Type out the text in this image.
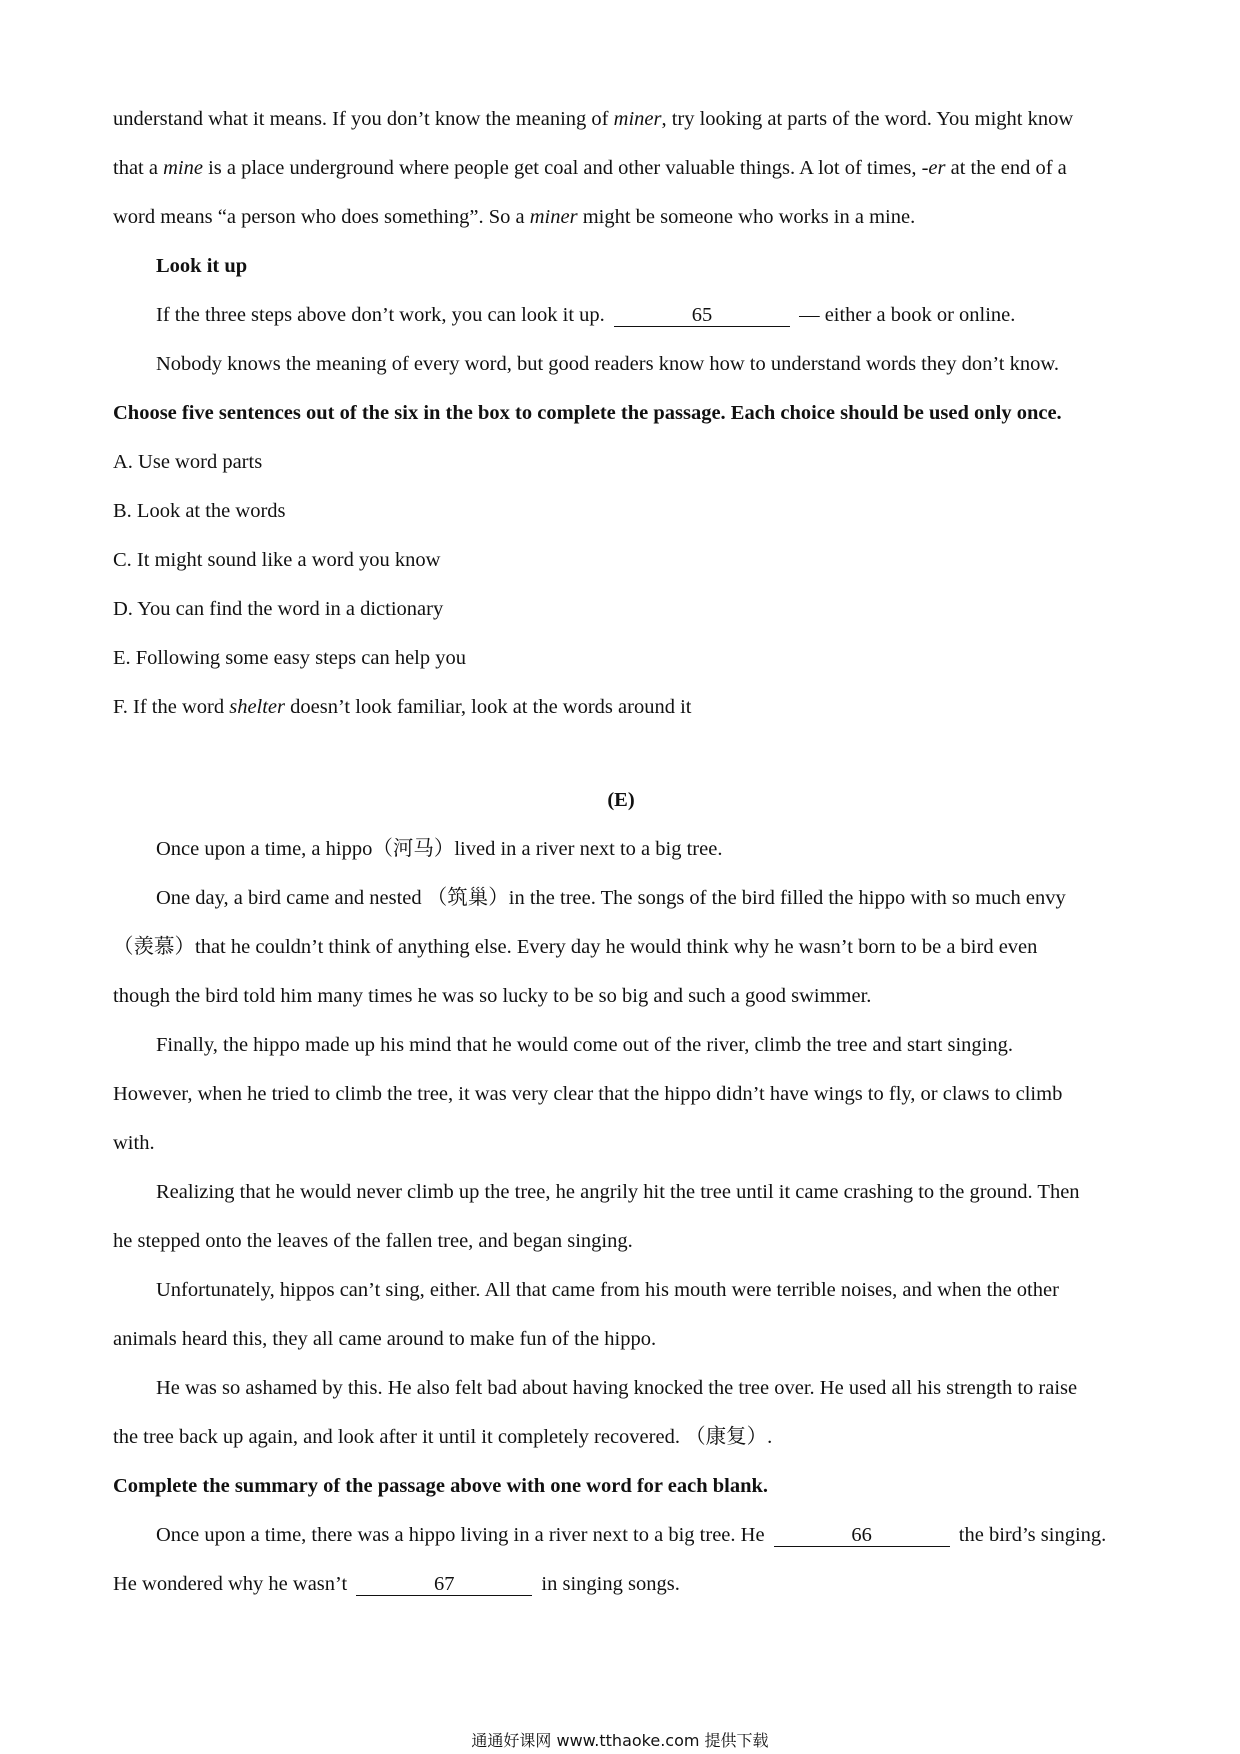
understand what it means. If you don’t know the meaning of miner, try looking at parts of the word. You might know

that a mine is a place underground where people get coal and other valuable things. A lot of times, -er at the end of a

word means “a person who does something”. So a miner might be someone who works in a mine.

Look it up

If the three steps above don’t work, you can look it up.	65	— either a book or online.

Nobody knows the meaning of every word, but good readers know how to understand words they don’t know.

Choose five sentences out of the six in the box to complete the passage. Each choice should be used only once.

A. Use word parts

B. Look at the words

C. It might sound like a word you know

D. You can find the word in a dictionary

E. Following some easy steps can help you

F. If the word shelter doesn’t look familiar, look at the words around it

(E)

Once upon a time, a hippo（河马）lived in a river next to a big tree.

One day, a bird came and nested （筑巢）in the tree. The songs of the bird filled the hippo with so much envy

（羡慕）that he couldn’t think of anything else. Every day he would think why he wasn’t born to be a bird even

though the bird told him many times he was so lucky to be so big and such a good swimmer.

Finally, the hippo made up his mind that he would come out of the river, climb the tree and start singing.

However, when he tried to climb the tree, it was very clear that the hippo didn’t have wings to fly, or claws to climb

with.

Realizing that he would never climb up the tree, he angrily hit the tree until it came crashing to the ground. Then

he stepped onto the leaves of the fallen tree, and began singing.

Unfortunately, hippos can’t sing, either. All that came from his mouth were terrible noises, and when the other

animals heard this, they all came around to make fun of the hippo.

He was so ashamed by this. He also felt bad about having knocked the tree over. He used all his strength to raise

the tree back up again, and look after it until it completely recovered. （康复）.

Complete the summary of the passage above with one word for each blank.

Once upon a time, there was a hippo living in a river next to a big tree. He	66	the bird’s singing.

He wondered why he wasn’t	67	in singing songs.

通通好课网 www.tthaoke.com 提供下载
